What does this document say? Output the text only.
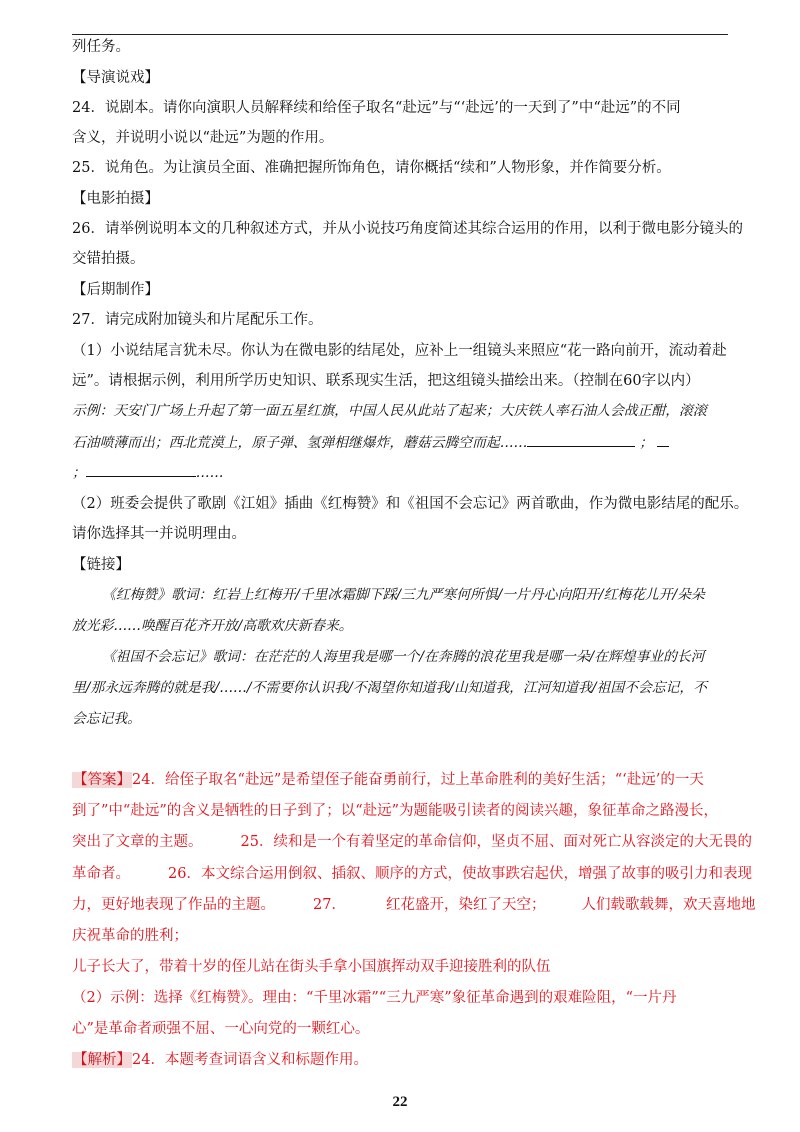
列任务。
【导演说戏】
24．说剧本。请你向演职人员解释续和给侄子取名“赴远”与“‘赴远’的一天到了”中“赴远”的不同
含义，并说明小说以“赴远”为题的作用。
25．说角色。为让演员全面、准确把握所饰角色，请你概括“续和”人物形象，并作简要分析。
【电影拍摄】
26．请举例说明本文的几种叙述方式，并从小说技巧角度简述其综合运用的作用，以利于微电影分镜头的
交错拍摄。
【后期制作】
27．请完成附加镜头和片尾配乐工作。
（1）小说结尾言犹未尽。你认为在微电影的结尾处，应补上一组镜头来照应“花一路向前开，流动着赴
远”。请根据示例，利用所学历史知识、联系现实生活，把这组镜头描绘出来。（控制在60字以内）
示例：天安门广场上升起了第一面五星红旗，中国人民从此站了起来；大庆铁人率石油人会战正酣，滚滚
石油喷薄而出；西北荒漠上，原子弹、氢弹相继爆炸，蘑菇云腾空而起……	；
；	……
（2）班委会提供了歌剧《江姐》插曲《红梅赞》和《祖国不会忘记》两首歌曲，作为微电影结尾的配乐。
请你选择其一并说明理由。
【链接】
《红梅赞》歌词：红岩上红梅开/千里冰霜脚下踩/三九严寒何所惧/一片丹心向阳开/红梅花儿开/朵朵
放光彩……唤醒百花齐开放/高歌欢庆新春来。
《祖国不会忘记》歌词：在茫茫的人海里我是哪一个/在奔腾的浪花里我是哪一朵/在辉煌事业的长河
里/那永远奔腾的就是我/……/不需要你认识我/不渴望你知道我/山知道我，江河知道我/祖国不会忘记，不
会忘记我。
【答案】24．给侄子取名“赴远”是希望侄子能奋勇前行，过上革命胜利的美好生活；“‘赴远’的一天
到了”中“赴远”的含义是牺牲的日子到了；以“赴远”为题能吸引读者的阅读兴趣，象征革命之路漫长，
突出了文章的主题。	25．续和是一个有着坚定的革命信仰，坚贞不屈、面对死亡从容淡定的大无畏的
革命者。	26．本文综合运用倒叙、插叙、顺序的方式，使故事跌宕起伏，增强了故事的吸引力和表现
力，更好地表现了作品的主题。	27．	红花盛开，染红了天空； 人们载歌载舞，欢天喜地地
庆祝革命的胜利；
儿子长大了，带着十岁的侄儿站在街头手拿小国旗挥动双手迎接胜利的队伍
（2）示例：选择《红梅赞》。理由：“千里冰霜”“三九严寒”象征革命遇到的艰难险阻，“一片丹
心”是革命者顽强不屈、一心向党的一颗红心。
【解析】24．本题考查词语含义和标题作用。
22
